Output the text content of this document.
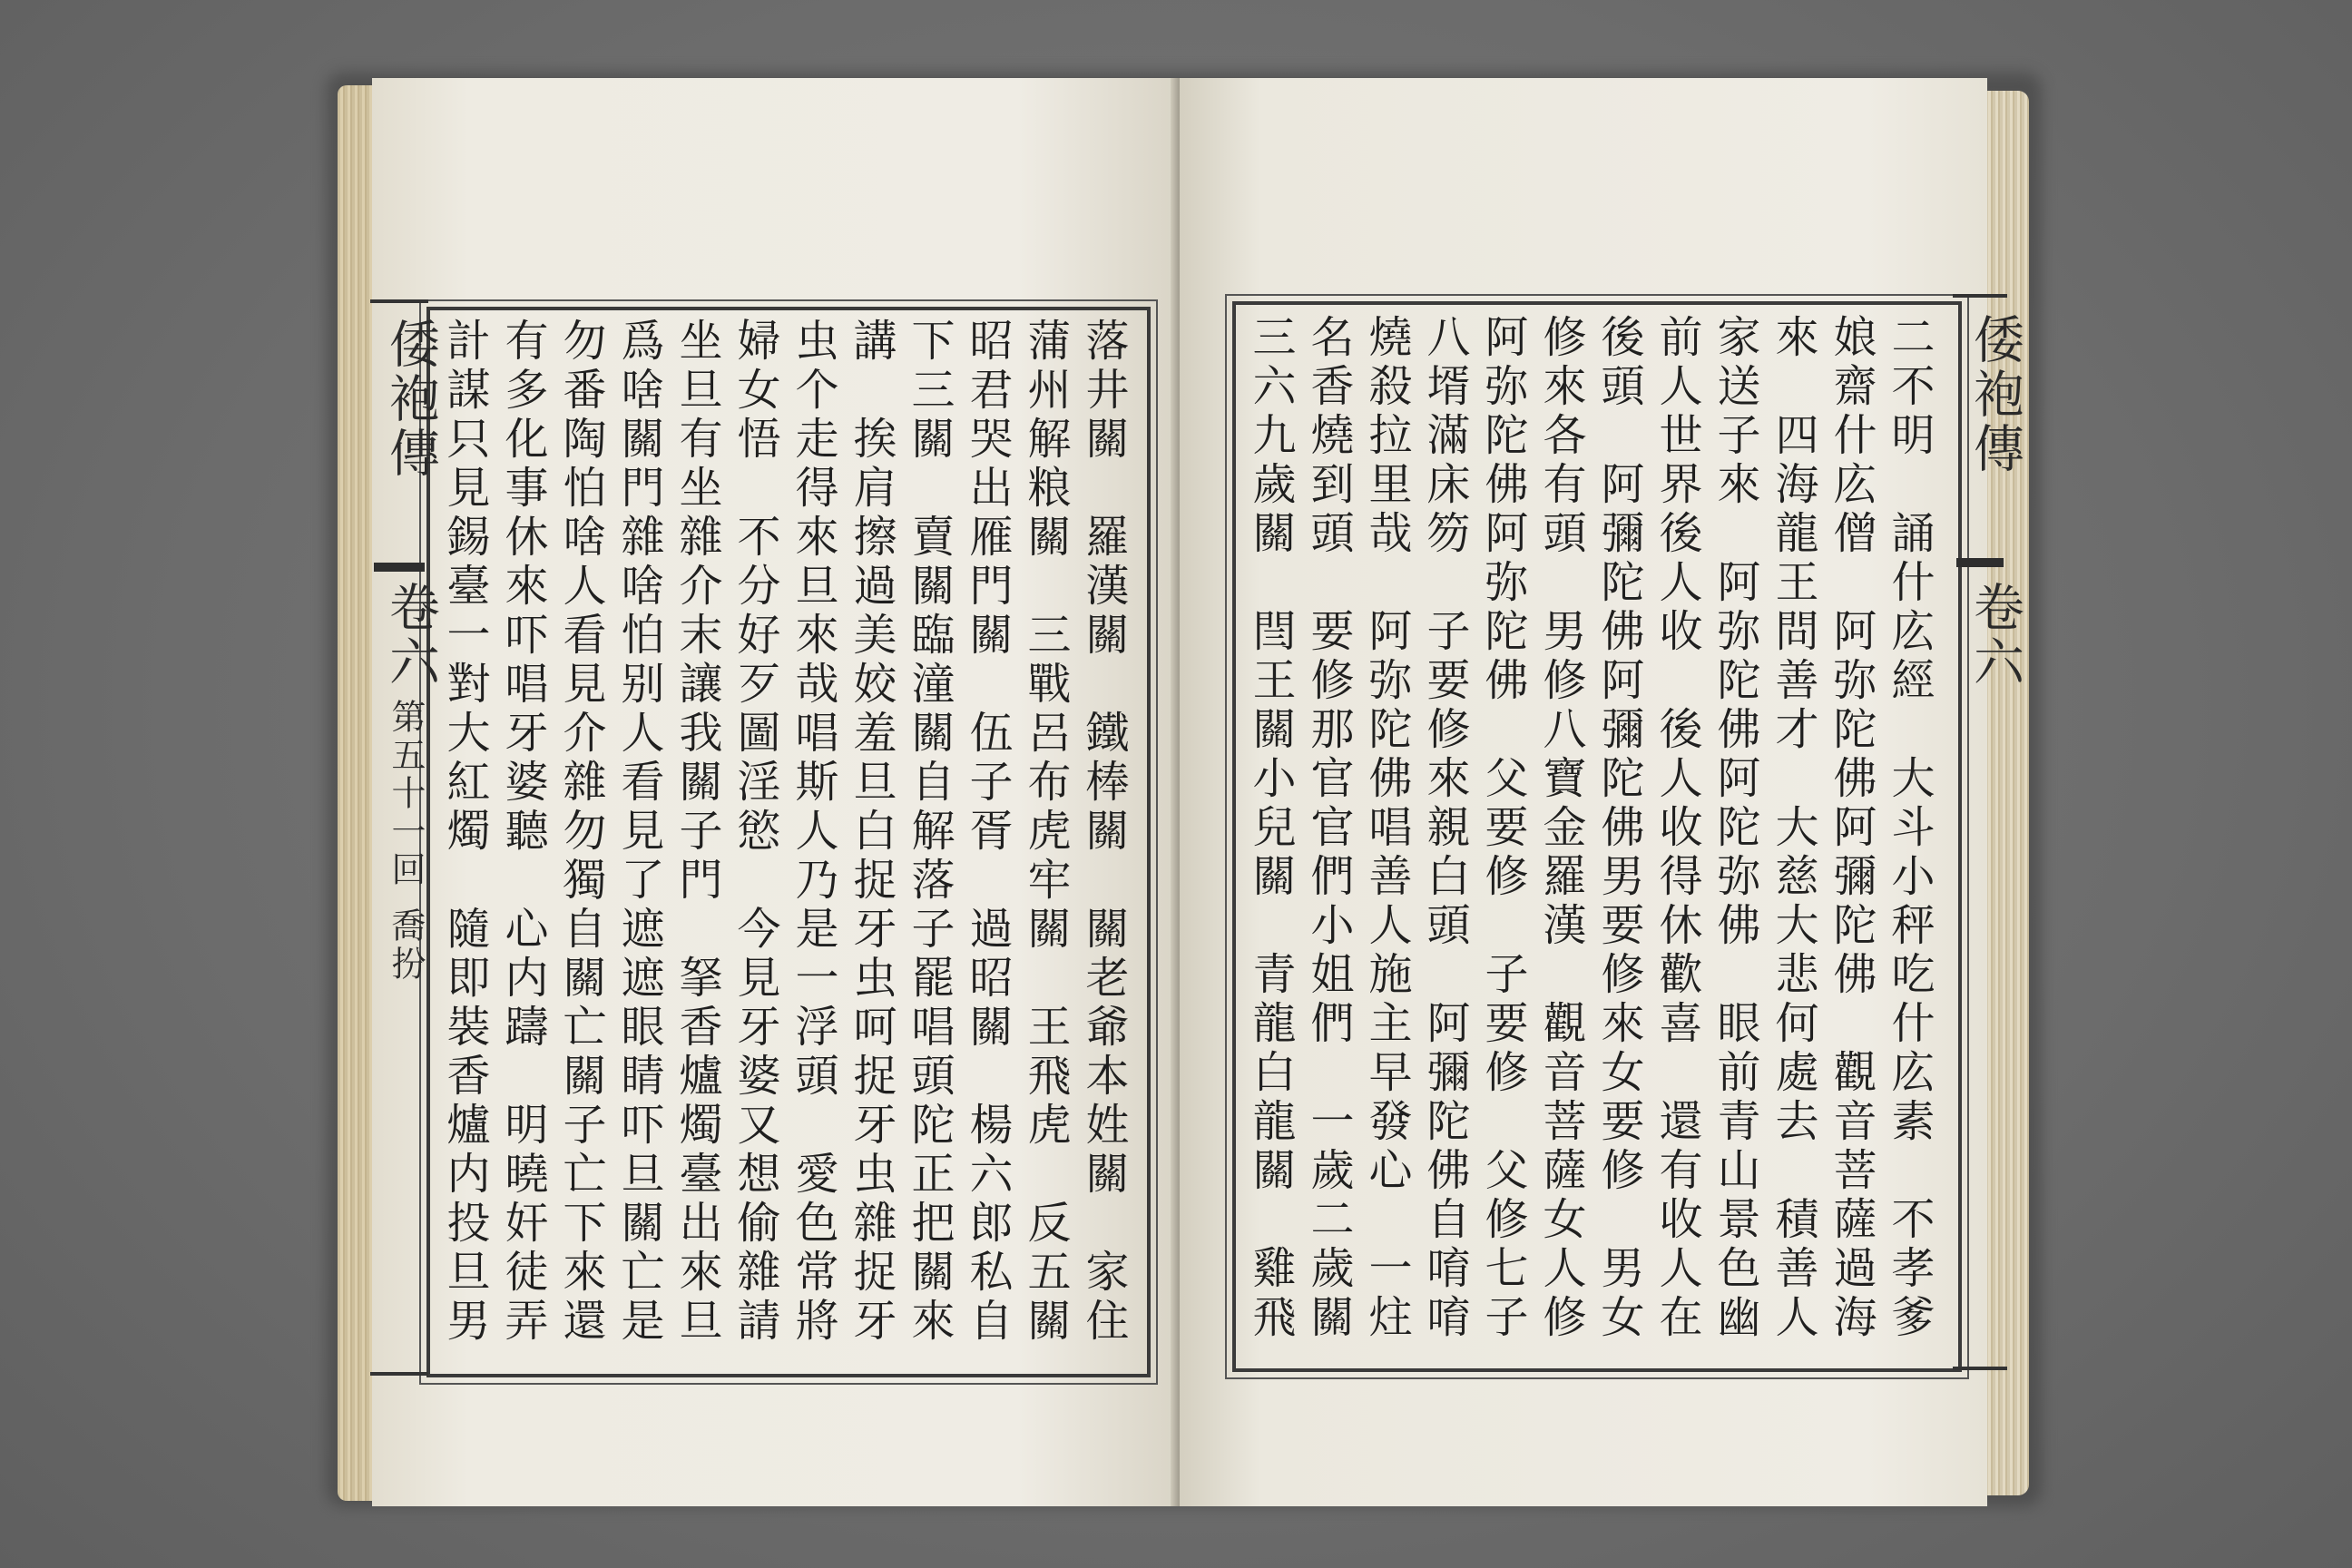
倭袍傳
卷六
第五十一回
喬扮	落井關　羅漢關　鐵棒關　關老爺本姓關　家住
蒲州解粮關　三戰呂布虎牢關　王飛虎　反五關
昭君哭出雁門關　伍子胥　過昭關　楊六郎私自
下三關　賣關臨潼關自解落子罷唱頭陀正把關來
講　挨肩擦過美姣羞旦白捉牙虫呵捉牙虫雜捉牙
虫个走得來旦來哉唱斯人乃是一浮頭　愛色常將
婦女悟　不分好歹圖淫慾　今見牙婆又想偷雜請
坐旦有坐雜介末讓我關子門　拏香爐燭臺出來旦
爲啥關門雜啥怕别人看見了遮遮眼睛吓旦關亡是
勿番陶怕啥人看見介雜勿獨自關亡關子亡下來還
有多化事休來吓唱牙婆聽　心内躊　明曉奸徒弄
計謀只見錫臺一對大紅燭　隨即裝香爐内投旦男	倭袍傳
卷六
二不明　誦什庅經　大斗小秤吃什庅素　不孝爹
娘齋什庅僧　阿弥陀佛阿彌陀佛　觀音菩薩過海
來　四海龍王問善才　大慈大悲何處去　積善人
家送子來　阿弥陀佛阿陀弥佛　眼前青山景色幽
前人世界後人收　後人收得休歡喜　還有收人在
後頭　阿彌陀佛阿彌陀佛男要修來女要修　男女
修來各有頭　男修八寶金羅漢　觀音菩薩女人修
阿弥陀佛阿弥陀佛　父要修　子要修　父修七子
八壻滿床笏　子要修來親白頭　阿彌陀佛自唷唷
燒殺拉里哉　阿弥陀佛唱善人施主早發心　一炷
名香燒到頭　要修那官官們小姐們　一歲二歲關
三六九歲關　閆王關小兒關　青龍白龍關　雞飛
